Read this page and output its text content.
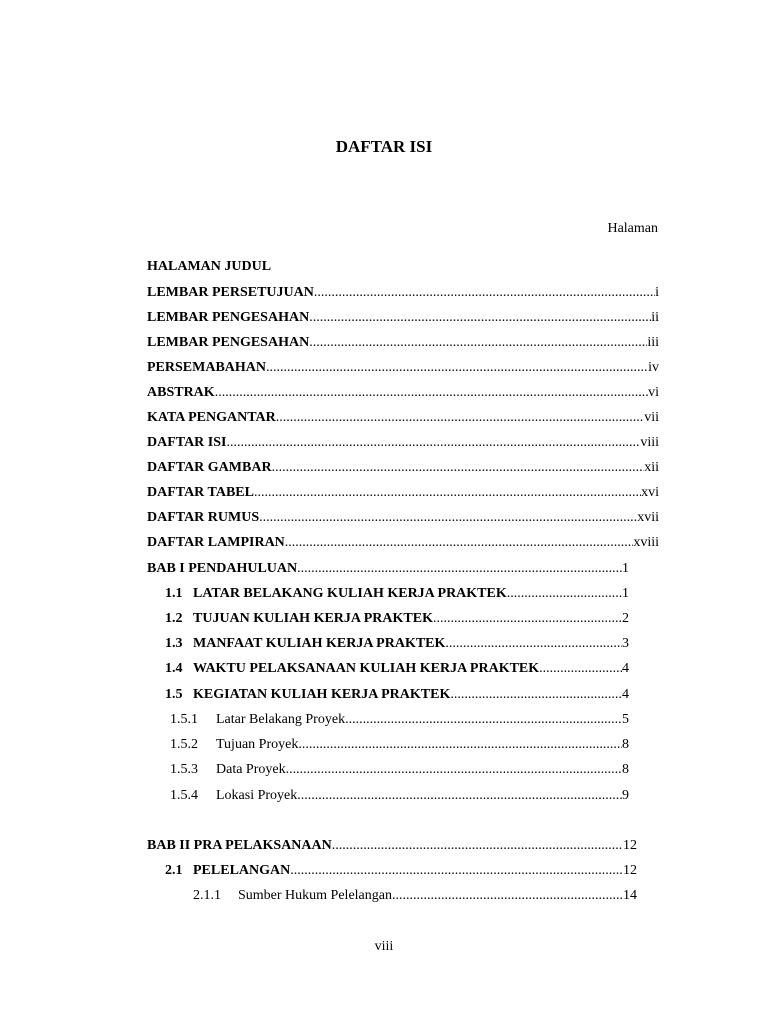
DAFTAR ISI
Halaman
HALAMAN JUDUL
LEMBAR PERSETUJUAN .....	i
LEMBAR PENGESAHAN .....	ii
LEMBAR PENGESAHAN .....	iii
PERSEMABAHAN .....	iv
ABSTRAK .....	vi
KATA PENGANTAR .....	vii
DAFTAR ISI .....	viii
DAFTAR GAMBAR .....	xii
DAFTAR TABEL .....	xvi
DAFTAR RUMUS .....	xvii
DAFTAR LAMPIRAN .....	xviii
BAB I PENDAHULUAN .....	1
1.1 LATAR BELAKANG KULIAH KERJA PRAKTEK .....	1
1.2 TUJUAN KULIAH KERJA PRAKTEK .....	2
1.3 MANFAAT KULIAH KERJA PRAKTEK .....	3
1.4 WAKTU PELAKSANAAN KULIAH KERJA PRAKTEK .....	4
1.5 KEGIATAN KULIAH KERJA PRAKTEK .....	4
1.5.1	Latar Belakang Proyek .....	5
1.5.2	Tujuan Proyek .....	8
1.5.3	Data Proyek .....	8
1.5.4	Lokasi Proyek .....	9
BAB II PRA PELAKSANAAN .....	12
2.1 PELELANGAN .....	12
2.1.1	Sumber Hukum Pelelangan .....	14
viii
